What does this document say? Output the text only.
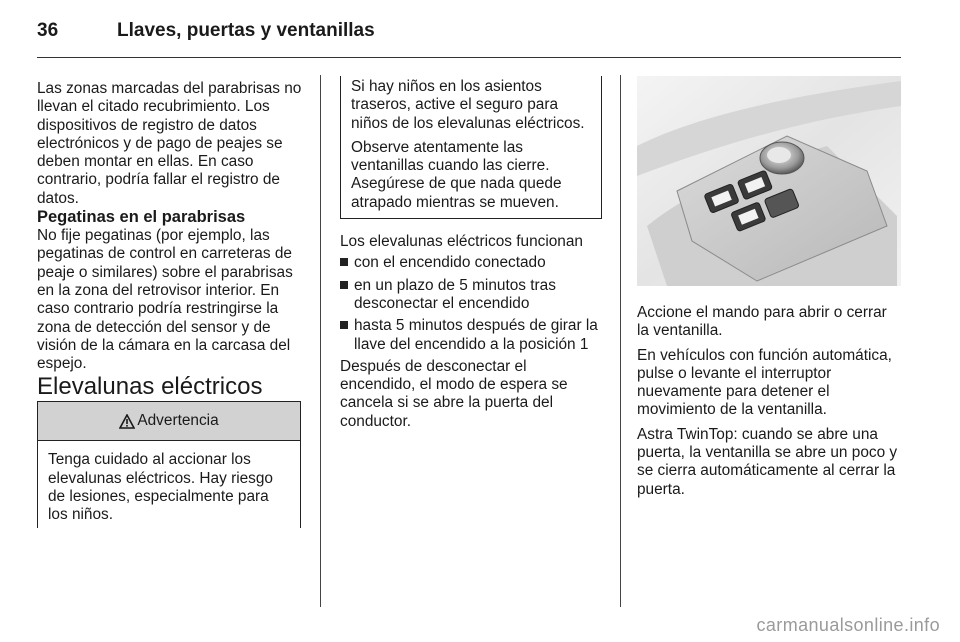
36	Llaves, puertas y ventanillas

Las zonas marcadas del parabrisas no llevan el citado recubrimiento. Los dispositivos de registro de datos electrónicos y de pago de peajes se deben montar en ellas. En caso contrario, podría fallar el registro de datos.

Pegatinas en el parabrisas

No fije pegatinas (por ejemplo, las pegatinas de control en carreteras de peaje o similares) sobre el parabrisas en la zona del retrovisor interior. En caso contrario podría restringirse la zona de detección del sensor y de visión de la cámara en la carcasa del espejo.

Elevalunas eléctricos

Advertencia

Tenga cuidado al accionar los elevalunas eléctricos. Hay riesgo de lesiones, especialmente para los niños.

Si hay niños en los asientos traseros, active el seguro para niños de los elevalunas eléctricos.

Observe atentamente las ventanillas cuando las cierre. Asegúrese de que nada quede atrapado mientras se mueven.

Los elevalunas eléctricos funcionan

con el encendido conectado
en un plazo de 5 minutos tras desconectar el encendido
hasta 5 minutos después de girar la llave del encendido a la posición 1

Después de desconectar el encendido, el modo de espera se cancela si se abre la puerta del conductor.

Accione el mando para abrir o cerrar la ventanilla.

En vehículos con función automática, pulse o levante el interruptor nuevamente para detener el movimiento de la ventanilla.

Astra TwinTop: cuando se abre una puerta, la ventanilla se abre un poco y se cierra automáticamente al cerrar la puerta.

carmanualsonline.info
